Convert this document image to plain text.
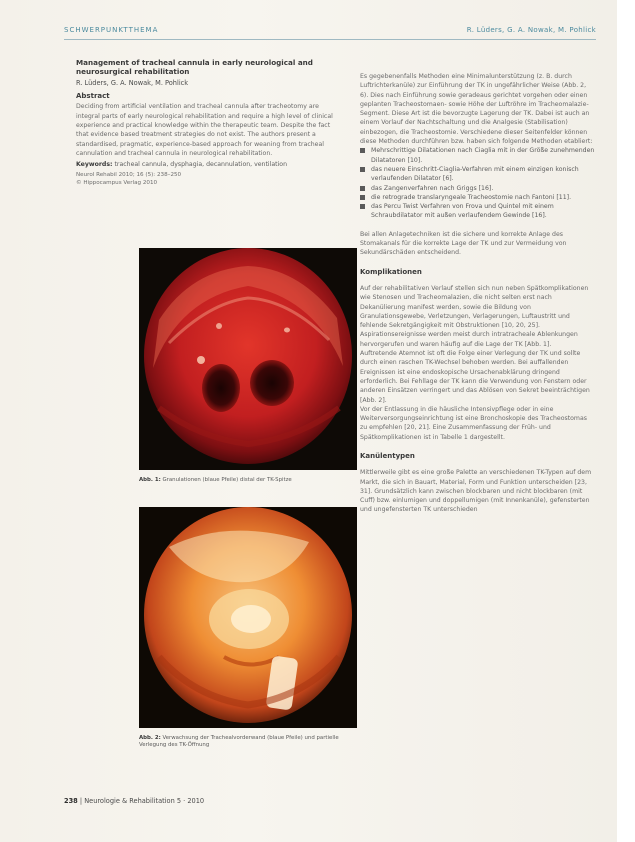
SCHWERPUNKTTHEMA	R. Lüders, G. A. Nowak, M. Pohlick
Management of tracheal cannula in early neurological and neurosurgical rehabilitation
R. Lüders, G. A. Nowak, M. Pohlick
Abstract
Deciding from artificial ventilation and tracheal cannula after tracheotomy are integral parts of early neurological rehabilitation and require a high level of clinical experience and practical knowledge within the therapeutic team. Despite the fact that evidence based treatment strategies do not exist. The authors present a standardised, pragmatic, experience-based approach for weaning from tracheal cannulation and tracheal cannula in neurological rehabilitation.
Keywords: tracheal cannula, dysphagia, decannulation, ventilation
Neurol Rehabil 2010; 16 (5): 238–250
© Hippocampus Verlag 2010
Abb. 1: Granulationen (blaue Pfeile) distal der TK-Spitze
Abb. 2: Verwachsung der Trachealvorderwand (blaue Pfeile) und partielle Verlegung des TK-Öffnung
Es gegebenenfalls Methoden eine Minimalunterstützung (z. B. durch Luftrichterkanüle) zur Einführung der TK in ungefährlicher Weise (Abb. 2, 6). Dies nach Einführung sowie geradeaus gerichtet vorgehen oder einen geplanten Tracheostomaen- sowie Höhe der Luftröhre im Tracheomalazie-Segment. Diese Art ist die bevorzugte Lagerung der TK. Dabei ist auch an einem Vorlauf der Nachtschaltung und die Analgesie (Stabilisation) einbezogen, die Tracheostomie. Verschiedene dieser Seitenfelder können diese Methoden durchführen bzw. haben sich folgende Methoden etabliert:
Mehrschrittige Dilatationen nach Ciaglia mit in der Größe zunehmenden Dilatatoren [10].
das neuere Einschritt-Ciaglia-Verfahren mit einem einzigen konisch verlaufenden Dilatator [6].
das Zangenverfahren nach Griggs [16].
die retrograde translaryngeale Tracheostomie nach Fantoni [11].
das Percu Twist Verfahren von Frova und Quintel mit einem Schraubdilatator mit außen verlaufendem Gewinde [16].
Bei allen Anlagetechniken ist die sichere und korrekte Anlage des Stomakanals für die korrekte Lage der TK und zur Vermeidung von Sekundärschäden entscheidend.
Komplikationen
Auf der rehabilitativen Verlauf stellen sich nun neben Spätkomplikationen wie Stenosen und Tracheomalazien, die nicht selten erst nach Dekanülierung manifest werden, sowie die Bildung von Granulationsgewebe, Verletzungen, Verlagerungen, Luftaustritt und fehlende Sekretgängigkeit mit Obstruktionen [10, 20, 25]. Aspirationsereignisse werden meist durch intratracheale Ablenkungen hervorgerufen und waren häufig auf die Lage der TK [Abb. 1].
Auftretende Atemnot ist oft die Folge einer Verlegung der TK und sollte durch einen raschen TK-Wechsel behoben werden. Bei auffallenden Ereignissen ist eine endoskopische Ursachenabklärung dringend erforderlich. Bei Fehllage der TK kann die Verwendung von Fenstern oder anderen Einsätzen verringert und das Ablösen von Sekret beeinträchtigen [Abb. 2].
Vor der Entlassung in die häusliche Intensivpflege oder in eine Weiterversorgungseinrichtung ist eine Bronchoskopie des Tracheostomas zu empfehlen [20, 21]. Eine Zusammenfassung der Früh- und Spätkomplikationen ist in Tabelle 1 dargestellt.
Kanülentypen
Mittlerweile gibt es eine große Palette an verschiedenen TK-Typen auf dem Markt, die sich in Bauart, Material, Form und Funktion unterscheiden [23, 31]. Grundsätzlich kann zwischen blockbaren und nicht blockbaren (mit Cuff) bzw. einlumigen und doppellumigen (mit Innenkanüle), gefensterten und ungefensterten TK unterschieden
238 | Neurologie & Rehabilitation 5 · 2010
